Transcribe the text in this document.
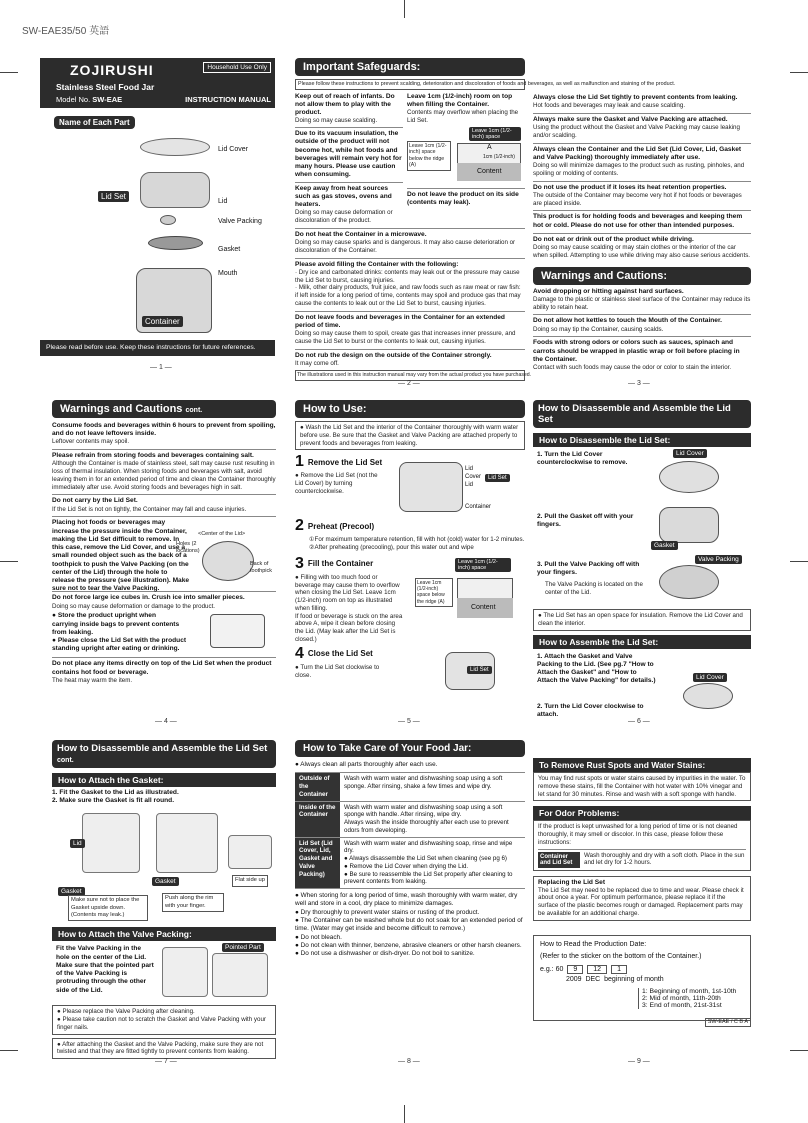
SW-EAE35/50 英語
ZOJIRUSHI	Household Use Only
Stainless Steel Food Jar
Model No. SW-EAE	INSTRUCTION MANUAL
Name of Each Part
Lid Set
Container
Lid Cover
Lid
Valve Packing
Gasket
Mouth
Please read before use. Keep these instructions for future references.
— 1 —
Important Safeguards:
Please follow these instructions to prevent scalding, deterioration and discoloration of foods and beverages, as well as malfunction and staining of the product.
Keep out of reach of infants. Do not allow them to play with the product.
Doing so may cause scalding.
Due to its vacuum insulation, the outside of the product will not become hot, while hot foods and beverages will remain very hot for many hours. Please use caution when consuming.
Keep away from heat sources such as gas stoves, ovens and heaters.
Doing so may cause deformation or discoloration of the product.
Leave 1cm (1/2-inch) room on top when filling the Container.
Contents may overflow when placing the Lid Set.
Leave 1cm (1/2-inch) space
Leave 1cm (1/2-inch) space below the ridge (A)
A
1cm (1/2-inch)
Content
Do not leave the product on its side (contents may leak).
Do not heat the Container in a microwave.
Doing so may cause sparks and is dangerous. It may also cause deterioration or discoloration of the Container.
Please avoid filling the Container with the following:
· Dry ice and carbonated drinks: contents may leak out or the pressure may cause the Lid Set to burst, causing injuries.
· Milk, other dairy products, fruit juice, and raw foods such as raw meat or raw fish: if left inside for a long period of time, contents may spoil and produce gas that may cause the contents to leak out or the Lid Set to burst, causing injuries.
Do not leave foods and beverages in the Container for an extended period of time.
Doing so may cause them to spoil, create gas that increases inner pressure, and cause the Lid Set to burst or the contents to leak out, causing injuries.
Do not rub the design on the outside of the Container strongly.
It may come off.
The illustrations used in this instruction manual may vary from the actual product you have purchased.
— 2 —
Always close the Lid Set tightly to prevent contents from leaking.
Hot foods and beverages may leak and cause scalding.
Always make sure the Gasket and Valve Packing are attached.
Using the product without the Gasket and Valve Packing may cause leaking and/or scalding.
Always clean the Container and the Lid Set (Lid Cover, Lid, Gasket and Valve Packing) thoroughly immediately after use.
Doing so will minimize damages to the product such as rusting, pinholes, and spoiling or molding of contents.
Do not use the product if it loses its heat retention properties.
The outside of the Container may become very hot if hot foods or beverages are placed inside.
This product is for holding foods and beverages and keeping them hot or cold. Please do not use for other than intended purposes.
Do not eat or drink out of the product while driving.
Doing so may cause scalding or may stain clothes or the interior of the car when spilled. Attempting to use while driving may also cause serious accidents.
Warnings and Cautions:
Avoid dropping or hitting against hard surfaces.
Damage to the plastic or stainless steel surface of the Container may reduce its ability to retain heat.
Do not allow hot kettles to touch the Mouth of the Container.
Doing so may tip the Container, causing scalds.
Foods with strong odors or colors such as sauces, spinach and carrots should be wrapped in plastic wrap or foil before placing in the Container.
Contact with such foods may cause the odor or color to stain the interior.
— 3 —
Warnings and Cautions cont.
Consume foods and beverages within 6 hours to prevent from spoiling, and do not leave leftovers inside.
Leftover contents may spoil.
Please refrain from storing foods and beverages containing salt.
Although the Container is made of stainless steel, salt may cause rust resulting in loss of thermal insulation. When storing foods and beverages with salt, avoid leaving them in for an extended period of time and clean the Container thoroughly immediately after use. Avoid storing foods and beverages high in salt.
Do not carry by the Lid Set.
If the Lid Set is not on tightly, the Container may fall and cause injuries.
Placing hot foods or beverages may increase the pressure inside the Container, making the Lid Set difficult to remove. In this case, remove the Lid Cover, and use a small rounded object such as the back of a toothpick to push the Valve Packing (on the center of the Lid) through the hole to release the pressure (see illustration). Make sure not to tear the Valve Packing.
<Center of the Lid>
Holes (2 locations)
Back of toothpick
Do not force large ice cubes in. Crush ice into smaller pieces.
Doing so may cause deformation or damage to the product.
● Store the product upright when carrying inside bags to prevent contents from leaking.
● Please close the Lid Set with the product standing upright after eating or drinking.
Do not place any items directly on top of the Lid Set when the product contains hot food or beverage.
The heat may warm the item.
— 4 —
How to Use:
● Wash the Lid Set and the interior of the Container thoroughly with warm water before use. Be sure that the Gasket and Valve Packing are attached properly to prevent foods and beverages from leaking.
1 Remove the Lid Set
● Remove the Lid Set (not the Lid Cover) by turning counterclockwise.
Lid
Cover
Lid
Container
Lid Set
2 Preheat (Precool)
①For maximum temperature retention, fill with hot (cold) water for 1-2 minutes.
②After preheating (precooling), pour this water out and wipe
3 Fill the Container
● Filling with too much food or beverage may cause them to overflow when closing the Lid Set. Leave 1cm (1/2-inch) room on top as illustrated when filling.
If food or beverage is stuck on the area above A, wipe it clean before closing the Lid. (May leak after the Lid Set is closed.)
Leave 1cm (1/2-inch) space
Leave 1cm (1/2-inch) space below the ridge (A)
Content
4 Close the Lid Set
● Turn the Lid Set clockwise to close.
Lid Set
— 5 —
How to Disassemble and Assemble the Lid Set
How to Disassemble the Lid Set:
1. Turn the Lid Cover counterclockwise to remove.
Lid Cover
2. Pull the Gasket off with your fingers.
Gasket
3. Pull the Valve Packing off with your fingers.
The Valve Packing is located on the center of the Lid.
Valve Packing
● The Lid Set has an open space for insulation. Remove the Lid Cover and clean the interior.
How to Assemble the Lid Set:
1. Attach the Gasket and Valve Packing to the Lid. (See pg.7 "How to Attach the Gasket" and "How to Attach the Valve Packing" for details.)
2. Turn the Lid Cover clockwise to attach.
Lid Cover
— 6 —
How to Disassemble and Assemble the Lid Set cont.
How to Attach the Gasket:
1. Fit the Gasket to the Lid as illustrated.
2. Make sure the Gasket is fit all round.
Lid
Gasket
Gasket	Flat side up
Push along the rim with your finger.
Make sure not to place the Gasket upside down. (Contents may leak.)
How to Attach the Valve Packing:
Fit the Valve Packing in the hole on the center of the Lid. Make sure that the pointed part of the Valve Packing is protruding through the other side of the Lid.
Pointed Part
● Please replace the Valve Packing after cleaning.
● Please take caution not to scratch the Gasket and Valve Packing with your finger nails.
● After attaching the Gasket and the Valve Packing, make sure they are not twisted and that they are fitted tightly to prevent contents from leaking.
— 7 —
How to Take Care of Your Food Jar:
● Always clean all parts thoroughly after each use.
Outside of the Container	Wash with warm water and dishwashing soap using a soft sponge. After rinsing, shake a few times and wipe dry.
Inside of the Container	Wash with warm water and dishwashing soap using a soft sponge with handle. After rinsing, wipe dry.
Always wash the inside thoroughly after each use to prevent odors from developing.
Lid Set (Lid Cover, Lid, Gasket and Valve Packing)	Wash with warm water and dishwashing soap, rinse and wipe dry.
● Always disassemble the Lid Set when cleaning (see pg 6)
● Remove the Lid Cover when drying the Lid.
● Be sure to reassemble the Lid Set properly after cleaning to prevent contents from leaking.
● When storing for a long period of time, wash thoroughly with warm water, dry well and store in a cool, dry place to minimize damages.
● Dry thoroughly to prevent water stains or rusting of the product.
● The Container can be washed whole but do not soak for an extended period of time. (Water may get inside and become difficult to remove.)
● Do not bleach.
● Do not clean with thinner, benzene, abrasive cleaners or other harsh cleaners.
● Do not use a dishwasher or dish-dryer. Do not boil to sanitize.
— 8 —
To Remove Rust Spots and Water Stains:
You may find rust spots or water stains caused by impurities in the water. To remove these stains, fill the Container with hot water with 10% vinegar and let stand for 30 minutes. Rinse and wash with a soft sponge with handle.
For Odor Problems:
If the product is kept unwashed for a long period of time or is not cleaned thoroughly, it may smell or discolor. In this case, please follow these instructions:
Container and Lid Set
Wash thoroughly and dry with a soft cloth. Place in the sun and let dry for 1-2 hours.
Replacing the Lid Set
The Lid Set may need to be replaced due to time and wear. Please check it about once a year. For optimum performance, please replace it if the surface of the plastic becomes rough or damaged. Replacement parts may be available for an additional charge.
How to Read the Production Date:
(Refer to the sticker on the bottom of the Container.)
e.g.: 60	9	12	1
2009  DEC  beginning of month
1: Beginning of month, 1st-10th
2: Mid of month, 11th-20th
3: End of month, 21st-31st
SW-EAE / C B A
— 9 —
